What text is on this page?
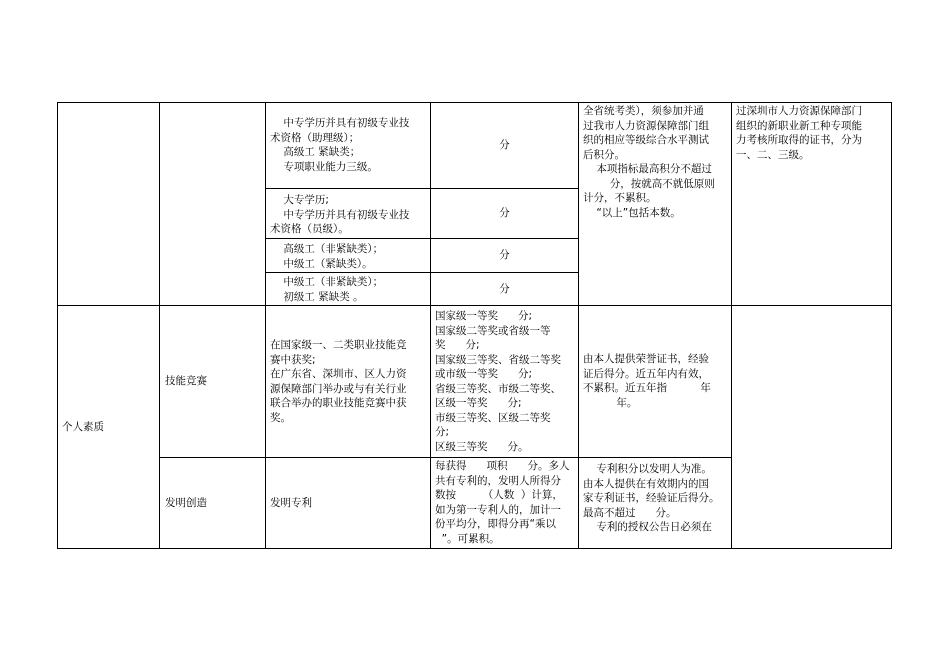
中专学历并具有初级专业技
术资格（助理级）；
高级工 紧缺类；
专项职业能力三级。
分
大专学历;
中专学历并具有初级专业技
术资格（员级）。
分
高级工（非紧缺类）；
中级工（紧缺类）。
分
中级工（非紧缺类）；
初级工 紧缺类 。
分
全省统考类），须参加并通
过我市人力资源保障部门组
织的相应等级综合水平测试
后积分。
本项指标最高积分不超过
分，按就高不就低原则
计分，不累积。
“以上”包括本数。
过深圳市人力资源保障部门
组织的新职业新工种专项能
力考核所取得的证书，分为
一、二、三级。
个人素质
技能竞赛
在国家级一、二类职业技能竞
赛中获奖;
在广东省、深圳市、区人力资
源保障部门举办或与有关行业
联合举办的职业技能竞赛中获
奖。
国家级一等奖      分;
国家级二等奖或省级一等
奖      分;
国家级三等奖、省级二等奖
或市级一等奖      分;
省级三等奖、市级二等奖、
区级一等奖      分;
市级三等奖、区级二等奖
分;
区级三等奖      分。
由本人提供荣誉证书，经验
证后得分。近五年内有效，
不累积。近五年指          年
年。
发明创造	发明专利
每获得      项积      分。多人
共有专利的，发明人所得分
数按        （人数  ）计算，
如为第一专利人的，加计一
份平均分，即得分再“乘以
”。可累积。
专利积分以发明人为准。
由本人提供在有效期内的国
家专利证书，经验证后得分。
最高不超过      分。
专利的授权公告日必须在
